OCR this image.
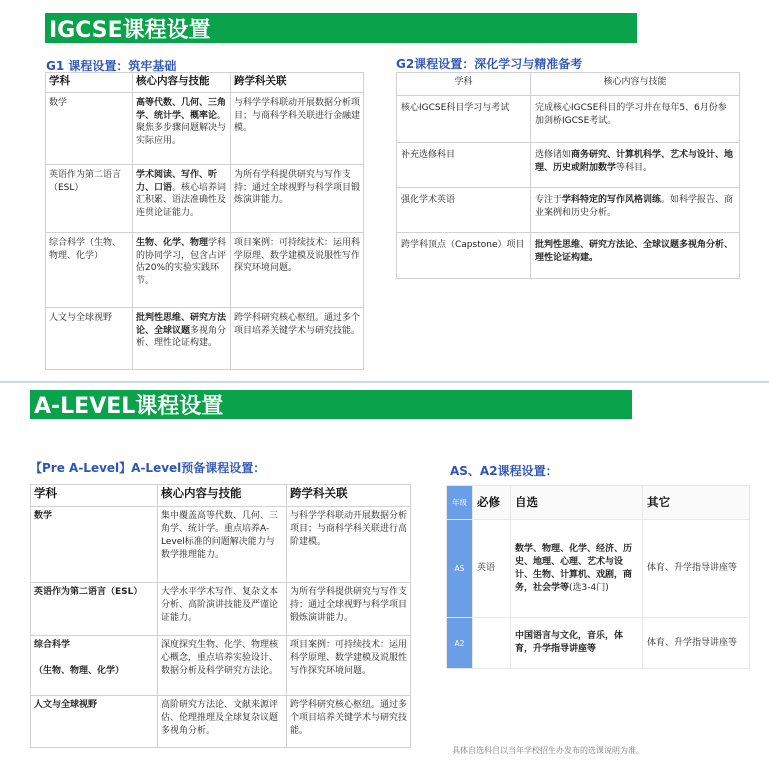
IGCSE课程设置
G1 课程设置：筑牢基础
学科	核心内容与技能	跨学科关联
数学	高等代数、几何、三角学、统计学、概率论。聚焦多步骤问题解决与实际应用。	与科学学科联动开展数据分析项目；与商科学科关联进行金融建模。
英语作为第二语言（ESL）	学术阅读、写作、听力、口语。核心培养词汇积累、语法准确性及连贯论证能力。	为所有学科提供研究与写作支持；通过全球视野与科学项目锻炼演讲能力。
综合科学（生物、物理、化学）	生物、化学、物理学科的协同学习，包含占评估20%的实验实践环节。	项目案例：可持续技术：运用科学原理、数学建模及说服性写作探究环境问题。
人文与全球视野	批判性思维、研究方法论、全球议题多视角分析、理性论证构建。	跨学科研究核心枢纽。通过多个项目培养关键学术与研究技能。
G2课程设置：深化学习与精准备考
学科	核心内容与技能
核心IGCSE科目学习与考试	完成核心IGCSE科目的学习并在每年5、6月份参加剑桥IGCSE考试。
补充选修科目	选修诸如商务研究、计算机科学、艺术与设计、地理、历史或附加数学等科目。
强化学术英语	专注于学科特定的写作风格训练。如科学报告、商业案例和历史分析。
跨学科顶点（Capstone）项目	批判性思维、研究方法论、全球议题多视角分析、理性论证构建。
A-LEVEL课程设置
【Pre A-Level】A-Level预备课程设置：
学科	核心内容与技能	跨学科关联
数学	集中覆盖高等代数、几何、三角学、统计学。重点培养A-Level标准的问题解决能力与数学推理能力。	与科学学科联动开展数据分析项目；与商科学科关联进行高阶建模。
英语作为第二语言（ESL）	大学水平学术写作、复杂文本分析、高阶演讲技能及严谨论证能力。	为所有学科提供研究与写作支持；通过全球视野与科学项目锻炼演讲能力。
综合科学

（生物、物理、化学）	深度探究生物、化学、物理核心概念，重点培养实验设计、数据分析及科学研究方法论。	项目案例：可持续技术：运用科学原理、数学建模及说服性写作探究环境问题。
人文与全球视野	高阶研究方法论、文献来源评估、伦理推理及全球复杂议题多视角分析。	跨学科研究核心枢纽。通过多个项目培养关键学术与研究技能。
AS、A2课程设置：
年级	必修	自选	其它
AS	英语	数学、物理、化学、经济、历史、地理、心理、艺术与设计、生物、计算机、戏剧，商务，社会学等(选3-4门)	体育、升学指导讲座等
A2		中国语言与文化，音乐，体育，升学指导讲座等	体育、升学指导讲座等
具体自选科目以当年学校招生办发布的选课说明为准。
